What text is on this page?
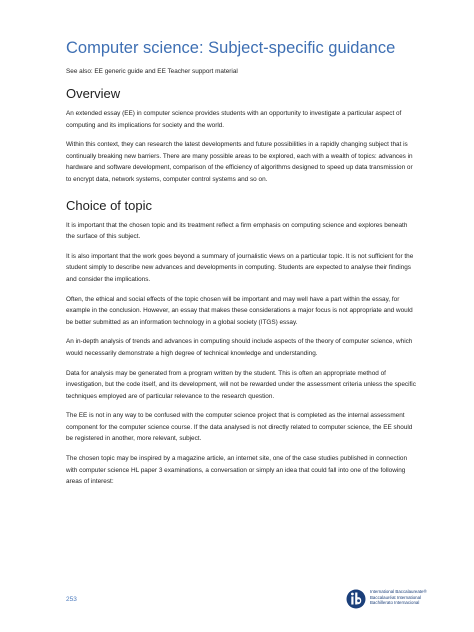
Computer science: Subject-specific guidance
See also: EE generic guide and EE Teacher support material
Overview

An extended essay (EE) in computer science provides students with an opportunity to investigate a particular aspect of computing and its implications for society and the world.

Within this context, they can research the latest developments and future possibilities in a rapidly changing subject that is continually breaking new barriers. There are many possible areas to be explored, each with a wealth of topics: advances in hardware and software development, comparison of the efficiency of algorithms designed to speed up data transmission or to encrypt data, network systems, computer control systems and so on.

Choice of topic

It is important that the chosen topic and its treatment reflect a firm emphasis on computing science and explores beneath the surface of this subject.

It is also important that the work goes beyond a summary of journalistic views on a particular topic. It is not sufficient for the student simply to describe new advances and developments in computing. Students are expected to analyse their findings and consider the implications.

Often, the ethical and social effects of the topic chosen will be important and may well have a part within the essay, for example in the conclusion. However, an essay that makes these considerations a major focus is not appropriate and would be better submitted as an information technology in a global society (ITGS) essay.

An in-depth analysis of trends and advances in computing should include aspects of the theory of computer science, which would necessarily demonstrate a high degree of technical knowledge and understanding.

Data for analysis may be generated from a program written by the student. This is often an appropriate method of investigation, but the code itself, and its development, will not be rewarded under the assessment criteria unless the specific techniques employed are of particular relevance to the research question.

The EE is not in any way to be confused with the computer science project that is completed as the internal assessment component for the computer science course. If the data analysed is not directly related to computer science, the EE should be registered in another, more relevant, subject.

The chosen topic may be inspired by a magazine article, an internet site, one of the case studies published in connection with computer science HL paper 3 examinations, a conversation or simply an idea that could fall into one of the following areas of interest:

253
International Baccalaureate®
Baccalauréat International
Bachillerato Internacional
